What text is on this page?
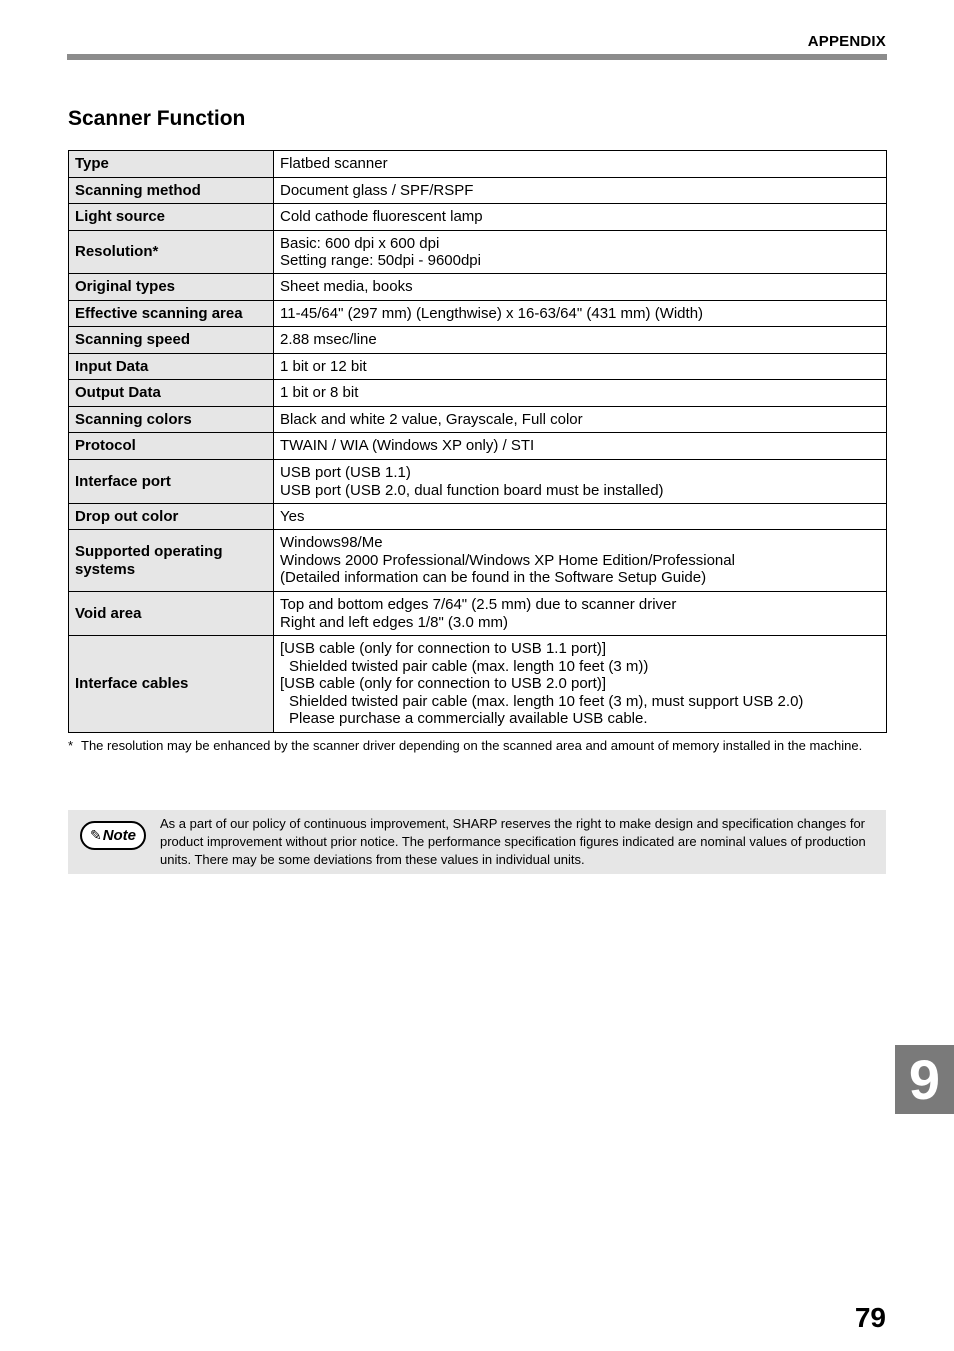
APPENDIX
Scanner Function
Type	Flatbed scanner

Scanning method	Document glass / SPF/RSPF

Light source	Cold cathode fluorescent lamp

Resolution*	Basic: 600 dpi x 600 dpi
Setting range: 50dpi - 9600dpi

Original types	Sheet media, books

Effective scanning area	11-45/64" (297 mm) (Lengthwise) x 16-63/64" (431 mm) (Width)

Scanning speed	2.88 msec/line

Input Data	1 bit or 12 bit

Output Data	1 bit or 8 bit

Scanning colors	Black and white 2 value, Grayscale, Full color

Protocol	TWAIN / WIA (Windows XP only) / STI

Interface port	USB port (USB 1.1)
USB port (USB 2.0, dual function board must be installed)

Drop out color	Yes

Supported operating
systems	Windows98/Me
Windows 2000 Professional/Windows XP Home Edition/Professional
(Detailed information can be found in the Software Setup Guide)

Void area	Top and bottom edges 7/64" (2.5 mm) due to scanner driver
Right and left edges 1/8" (3.0 mm)

Interface cables	[USB cable (only for connection to USB 1.1 port)]
Shielded twisted pair cable (max. length 10 feet (3 m))
[USB cable (only for connection to USB 2.0 port)]
Shielded twisted pair cable (max. length 10 feet (3 m), must support USB 2.0)
Please purchase a commercially available USB cable.
* The resolution may be enhanced by the scanner driver depending on the scanned area and amount of memory installed in the machine.
✎ Note
As a part of our policy of continuous improvement, SHARP reserves the right to make design and specification changes for product improvement without prior notice. The performance specification figures indicated are nominal values of production units. There may be some deviations from these values in individual units.
9
79
